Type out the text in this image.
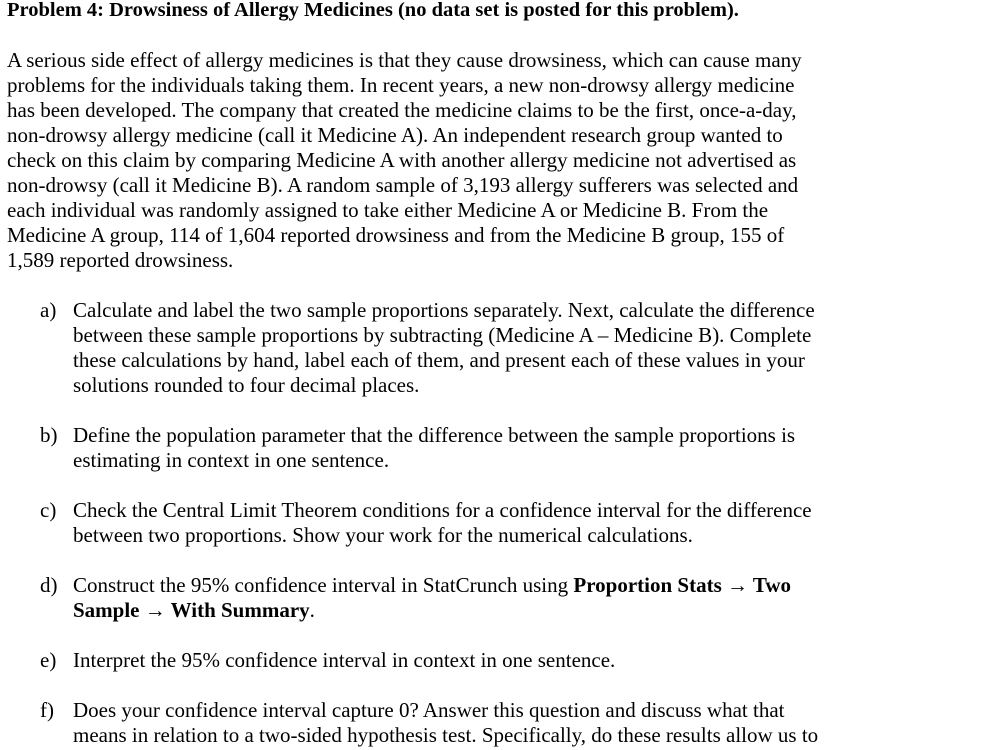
Problem 4: Drowsiness of Allergy Medicines (no data set is posted for this problem).

A serious side effect of allergy medicines is that they cause drowsiness, which can cause many
problems for the individuals taking them. In recent years, a new non-drowsy allergy medicine
has been developed. The company that created the medicine claims to be the first, once-a-day,
non-drowsy allergy medicine (call it Medicine A). An independent research group wanted to
check on this claim by comparing Medicine A with another allergy medicine not advertised as
non-drowsy (call it Medicine B). A random sample of 3,193 allergy sufferers was selected and
each individual was randomly assigned to take either Medicine A or Medicine B. From the
Medicine A group, 114 of 1,604 reported drowsiness and from the Medicine B group, 155 of
1,589 reported drowsiness.

a) Calculate and label the two sample proportions separately. Next, calculate the difference
between these sample proportions by subtracting (Medicine A – Medicine B). Complete
these calculations by hand, label each of them, and present each of these values in your
solutions rounded to four decimal places.
b) Define the population parameter that the difference between the sample proportions is
estimating in context in one sentence.
c) Check the Central Limit Theorem conditions for a confidence interval for the difference
between two proportions. Show your work for the numerical calculations.
d) Construct the 95% confidence interval in StatCrunch using Proportion Stats → Two
Sample → With Summary.
e) Interpret the 95% confidence interval in context in one sentence.
f) Does your confidence interval capture 0? Answer this question and discuss what that
means in relation to a two-sided hypothesis test. Specifically, do these results allow us to
